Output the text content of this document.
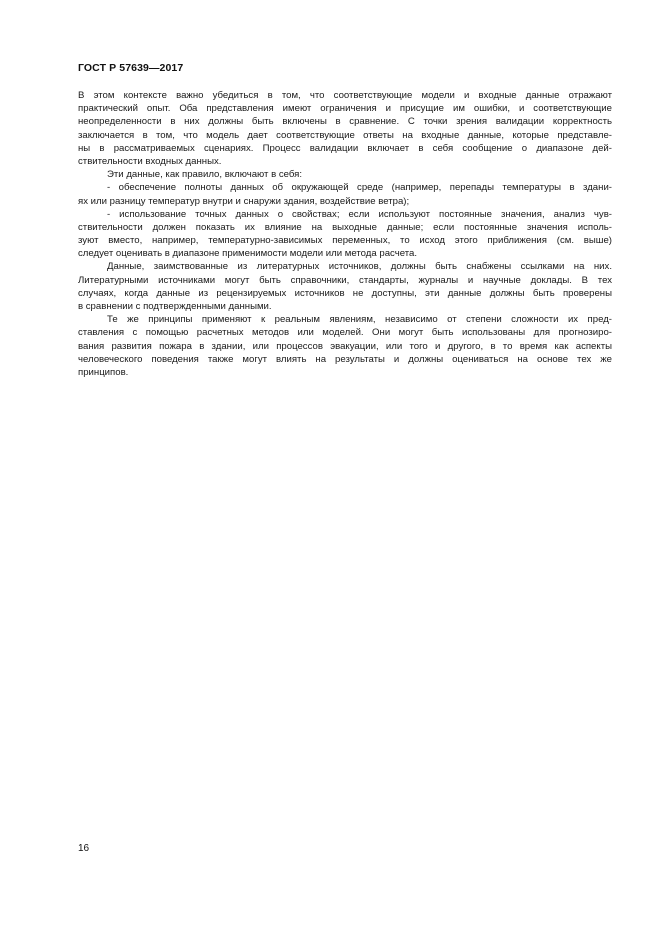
ГОСТ Р 57639—2017
В этом контексте важно убедиться в том, что соответствующие модели и входные данные отражают
практический опыт. Оба представления имеют ограничения и присущие им ошибки, и соответствующие
неопределенности в них должны быть включены в сравнение. С точки зрения валидации корректность
заключается в том, что модель дает соответствующие ответы на входные данные, которые представле-
ны в рассматриваемых сценариях. Процесс валидации включает в себя сообщение о диапазоне дей-
ствительности входных данных.
Эти данные, как правило, включают в себя:
- обеспечение полноты данных об окружающей среде (например, перепады температуры в здани-
ях или разницу температур внутри и снаружи здания, воздействие ветра);
- использование точных данных о свойствах; если используют постоянные значения, анализ чув-
ствительности должен показать их влияние на выходные данные; если постоянные значения исполь-
зуют вместо, например, температурно-зависимых переменных, то исход этого приближения (см. выше)
следует оценивать в диапазоне применимости модели или метода расчета.
Данные, заимствованные из литературных источников, должны быть снабжены ссылками на них.
Литературными источниками могут быть справочники, стандарты, журналы и научные доклады. В тех
случаях, когда данные из рецензируемых источников не доступны, эти данные должны быть проверены
в сравнении с подтвержденными данными.
Те же принципы применяют к реальным явлениям, независимо от степени сложности их пред-
ставления с помощью расчетных методов или моделей. Они могут быть использованы для прогнозиро-
вания развития пожара в здании, или процессов эвакуации, или того и другого, в то время как аспекты
человеческого поведения также могут влиять на результаты и должны оцениваться на основе тех же
принципов.
16
